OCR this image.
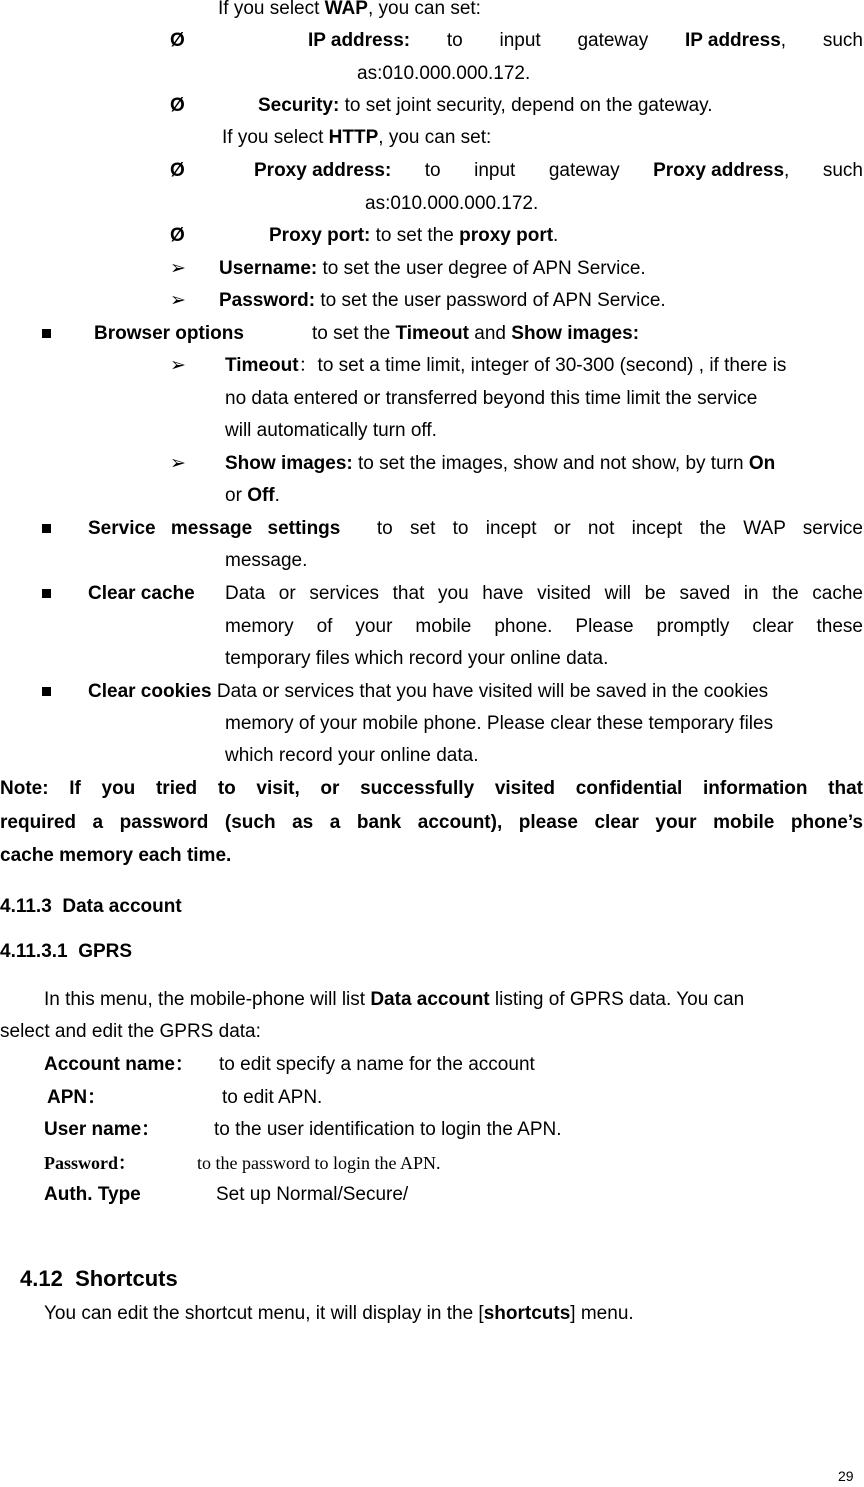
If you select WAP, you can set:
Ø	IP address: to input gateway IP address, such
as:010.000.000.172.
Ø	Security: to set joint security, depend on the gateway.
If you select HTTP, you can set:
Ø	Proxy address: to input gateway Proxy address, such
as:010.000.000.172.
Ø	Proxy port: to set the proxy port.
➢ Username: to set the user degree of APN Service.
➢ Password: to set the user password of APN Service.
Browser options	to set the Timeout and Show images:
➢ Timeout：to set a time limit, integer of 30-300 (second) , if there is
no data entered or transferred beyond this time limit the service
will automatically turn off.
➢ Show images: to set the images, show and not show, by turn On
or Off.
Service message settings to set to incept or not incept the WAP service
message.
Clear cache Data or services that you have visited will be saved in the cache
memory of your mobile phone. Please promptly clear these
temporary files which record your online data.
Clear cookies Data or services that you have visited will be saved in the cookies
memory of your mobile phone. Please clear these temporary files
which record your online data.
Note: If you tried to visit, or successfully visited confidential information that
required a password (such as a bank account), please clear your mobile phone’s
cache memory each time.
4.11.3 Data account
4.11.3.1 GPRS
In this menu, the mobile-phone will list Data account listing of GPRS data. You can
select and edit the GPRS data:
Account name： to edit specify a name for the account
APN：	to edit APN.
User name：	to the user identification to login the APN.
Password：	to the password to login the APN.
Auth. Type	Set up Normal/Secure/
4.12 Shortcuts
You can edit the shortcut menu, it will display in the [shortcuts] menu.
29
